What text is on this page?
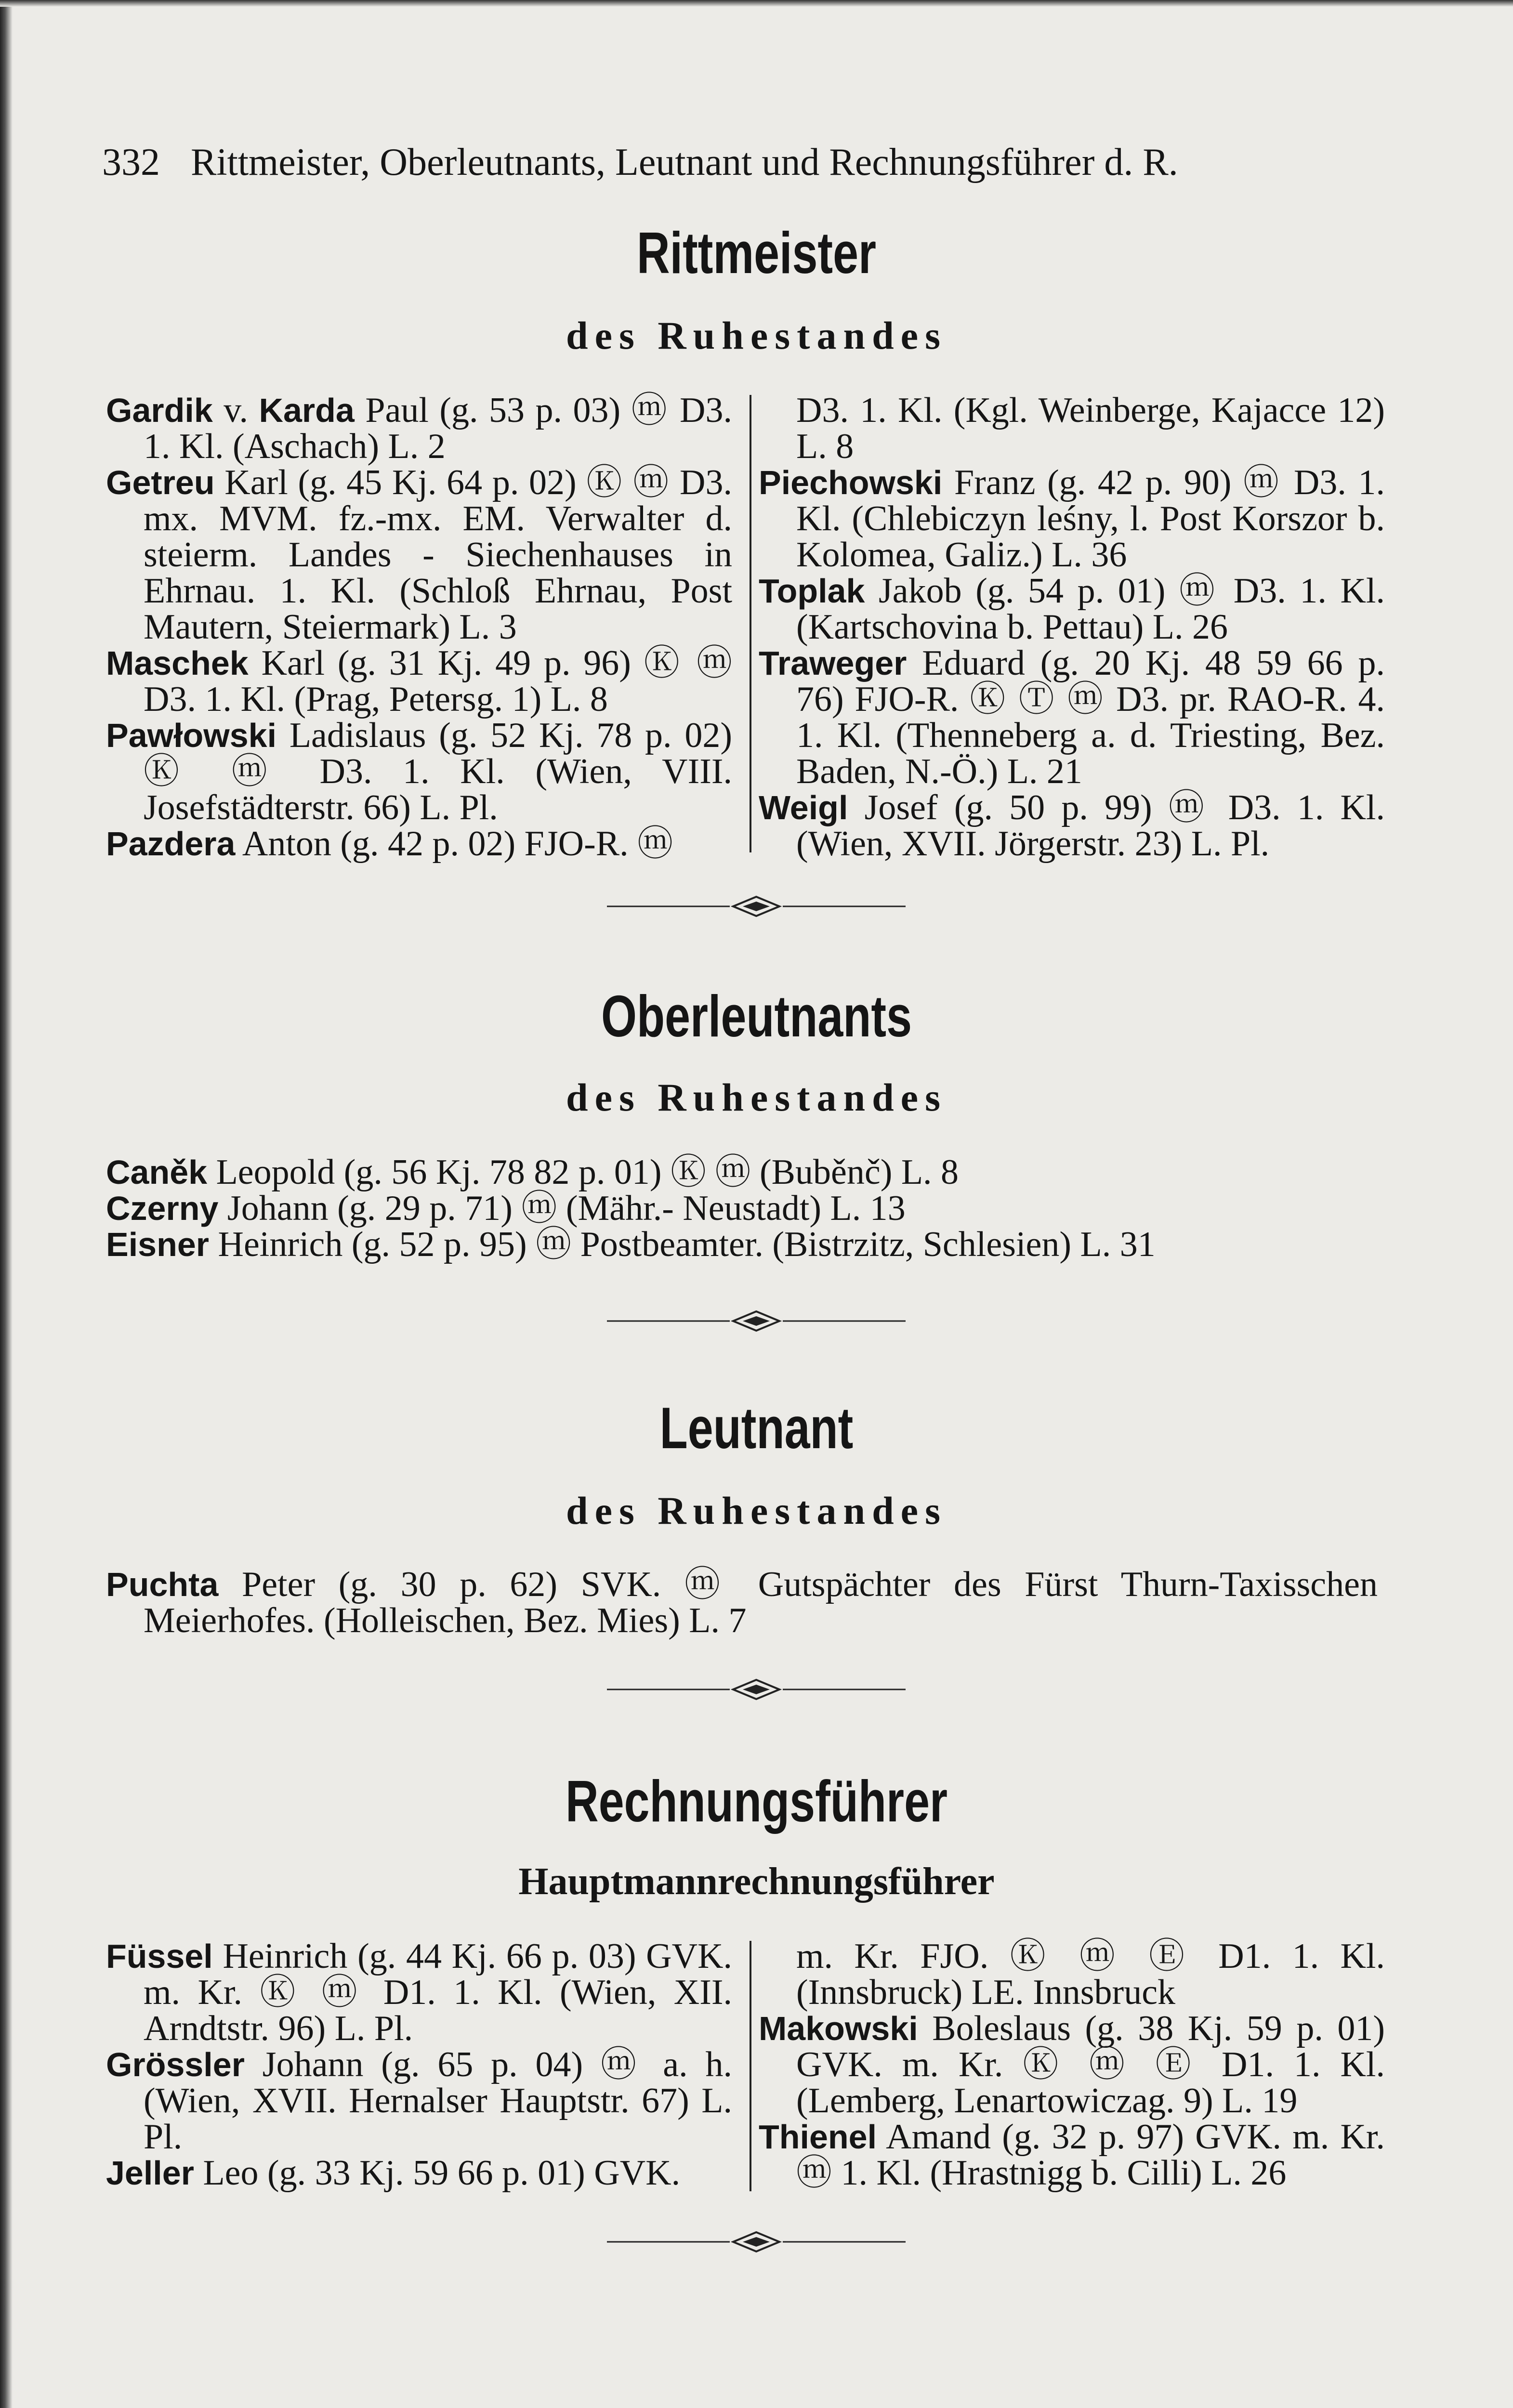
332 Rittmeister, Oberleutnants, Leutnant und Rechnungsführer d. R.
Rittmeister
des Ruhestandes

Gardik v. Karda Paul (g. 53 p. 03) ⓜ D3. 1. Kl. (Aschach) L. 2

Getreu Karl (g. 45 Kj. 64 p. 02) Ⓚ ⓜ D3. mx. MVM. fz.-mx. EM. Verwalter d. steierm. Landes - Siechenhauses in Ehrnau. 1. Kl. (Schloß Ehrnau, Post Mautern, Steiermark) L. 3

Maschek Karl (g. 31 Kj. 49 p. 96) Ⓚ ⓜ D3. 1. Kl. (Prag, Petersg. 1) L. 8

Pawłowski Ladislaus (g. 52 Kj. 78 p. 02) Ⓚ ⓜ D3. 1. Kl. (Wien, VIII. Josefstädterstr. 66) L. Pl.

Pazdera Anton (g. 42 p. 02) FJO-R. ⓜ

D3. 1. Kl. (Kgl. Weinberge, Kajacce 12) L. 8

Piechowski Franz (g. 42 p. 90) ⓜ D3. 1. Kl. (Chlebiczyn leśny, l. Post Korszor b. Kolomea, Galiz.) L. 36

Toplak Jakob (g. 54 p. 01) ⓜ D3. 1. Kl. (Kartschovina b. Pettau) L. 26

Traweger Eduard (g. 20 Kj. 48 59 66 p. 76) FJO-R. Ⓚ Ⓣ ⓜ D3. pr. RAO-R. 4. 1. Kl. (Thenneberg a. d. Triesting, Bez. Baden, N.-Ö.) L. 21

Weigl Josef (g. 50 p. 99) ⓜ D3. 1. Kl. (Wien, XVII. Jörgerstr. 23) L. Pl.

Oberleutnants
des Ruhestandes

Caněk Leopold (g. 56 Kj. 78 82 p. 01) Ⓚ ⓜ (Buběnč) L. 8

Czerny Johann (g. 29 p. 71) ⓜ (Mähr.- Neustadt) L. 13

Eisner Heinrich (g. 52 p. 95) ⓜ Postbeamter. (Bistrzitz, Schlesien) L. 31

Leutnant
des Ruhestandes

Puchta Peter (g. 30 p. 62) SVK. ⓜ Gutspächter des Fürst Thurn-Taxisschen Meierhofes. (Holleischen, Bez. Mies) L. 7

Rechnungsführer
Hauptmannrechnungsführer

Füssel Heinrich (g. 44 Kj. 66 p. 03) GVK. m. Kr. Ⓚ ⓜ D1. 1. Kl. (Wien, XII. Arndtstr. 96) L. Pl.

Grössler Johann (g. 65 p. 04) ⓜ a. h. (Wien, XVII. Hernalser Hauptstr. 67) L. Pl.

Jeller Leo (g. 33 Kj. 59 66 p. 01) GVK.

m. Kr. FJO. Ⓚ ⓜ Ⓔ D1. 1. Kl. (Innsbruck) LE. Innsbruck

Makowski Boleslaus (g. 38 Kj. 59 p. 01) GVK. m. Kr. Ⓚ ⓜ Ⓔ D1. 1. Kl. (Lemberg, Lenartowiczag. 9) L. 19

Thienel Amand (g. 32 p. 97) GVK. m. Kr. ⓜ 1. Kl. (Hrastnigg b. Cilli) L. 26
